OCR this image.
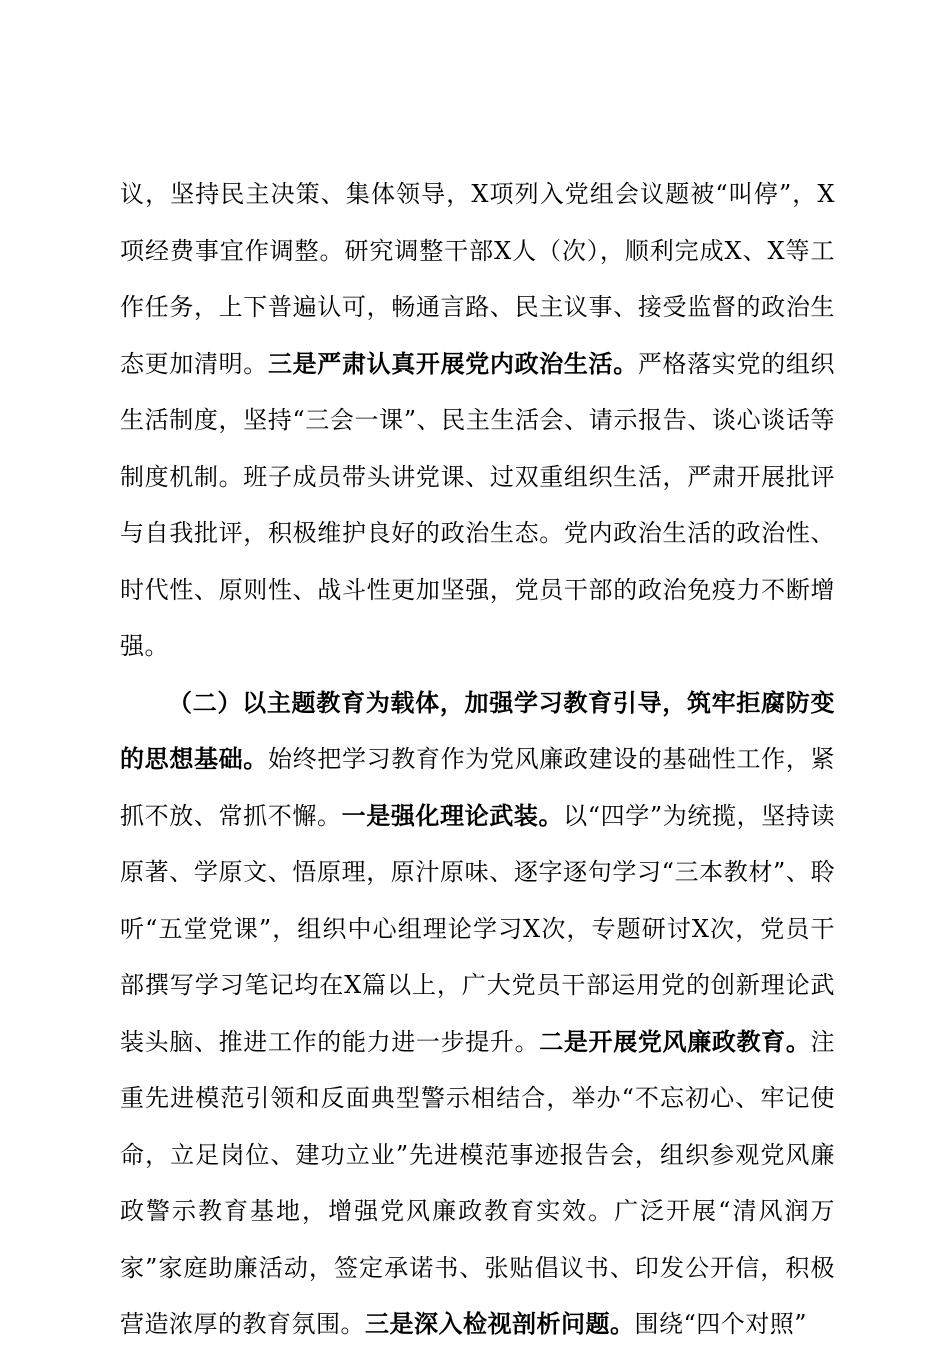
议，坚持民主决策、集体领导，X项列入党组会议题被“叫停”，X项经费事宜作调整。研究调整干部X人（次），顺利完成X、X等工作任务，上下普遍认可，畅通言路、民主议事、接受监督的政治生态更加清明。三是严肃认真开展党内政治生活。严格落实党的组织生活制度，坚持“三会一课”、民主生活会、请示报告、谈心谈话等制度机制。班子成员带头讲党课、过双重组织生活，严肃开展批评与自我批评，积极维护良好的政治生态。党内政治生活的政治性、时代性、原则性、战斗性更加坚强，党员干部的政治免疫力不断增强。

（二）以主题教育为载体，加强学习教育引导，筑牢拒腐防变的思想基础。始终把学习教育作为党风廉政建设的基础性工作，紧抓不放、常抓不懈。一是强化理论武装。以“四学”为统揽，坚持读原著、学原文、悟原理，原汁原味、逐字逐句学习“三本教材”、聆听“五堂党课”，组织中心组理论学习X次，专题研讨X次，党员干部撰写学习笔记均在X篇以上，广大党员干部运用党的创新理论武装头脑、推进工作的能力进一步提升。二是开展党风廉政教育。注重先进模范引领和反面典型警示相结合，举办“不忘初心、牢记使命，立足岗位、建功立业”先进模范事迹报告会，组织参观党风廉政警示教育基地，增强党风廉政教育实效。广泛开展“清风润万家”家庭助廉活动，签定承诺书、张贴倡议书、印发公开信，积极营造浓厚的教育氛围。三是深入检视剖析问题。围绕“四个对照”
